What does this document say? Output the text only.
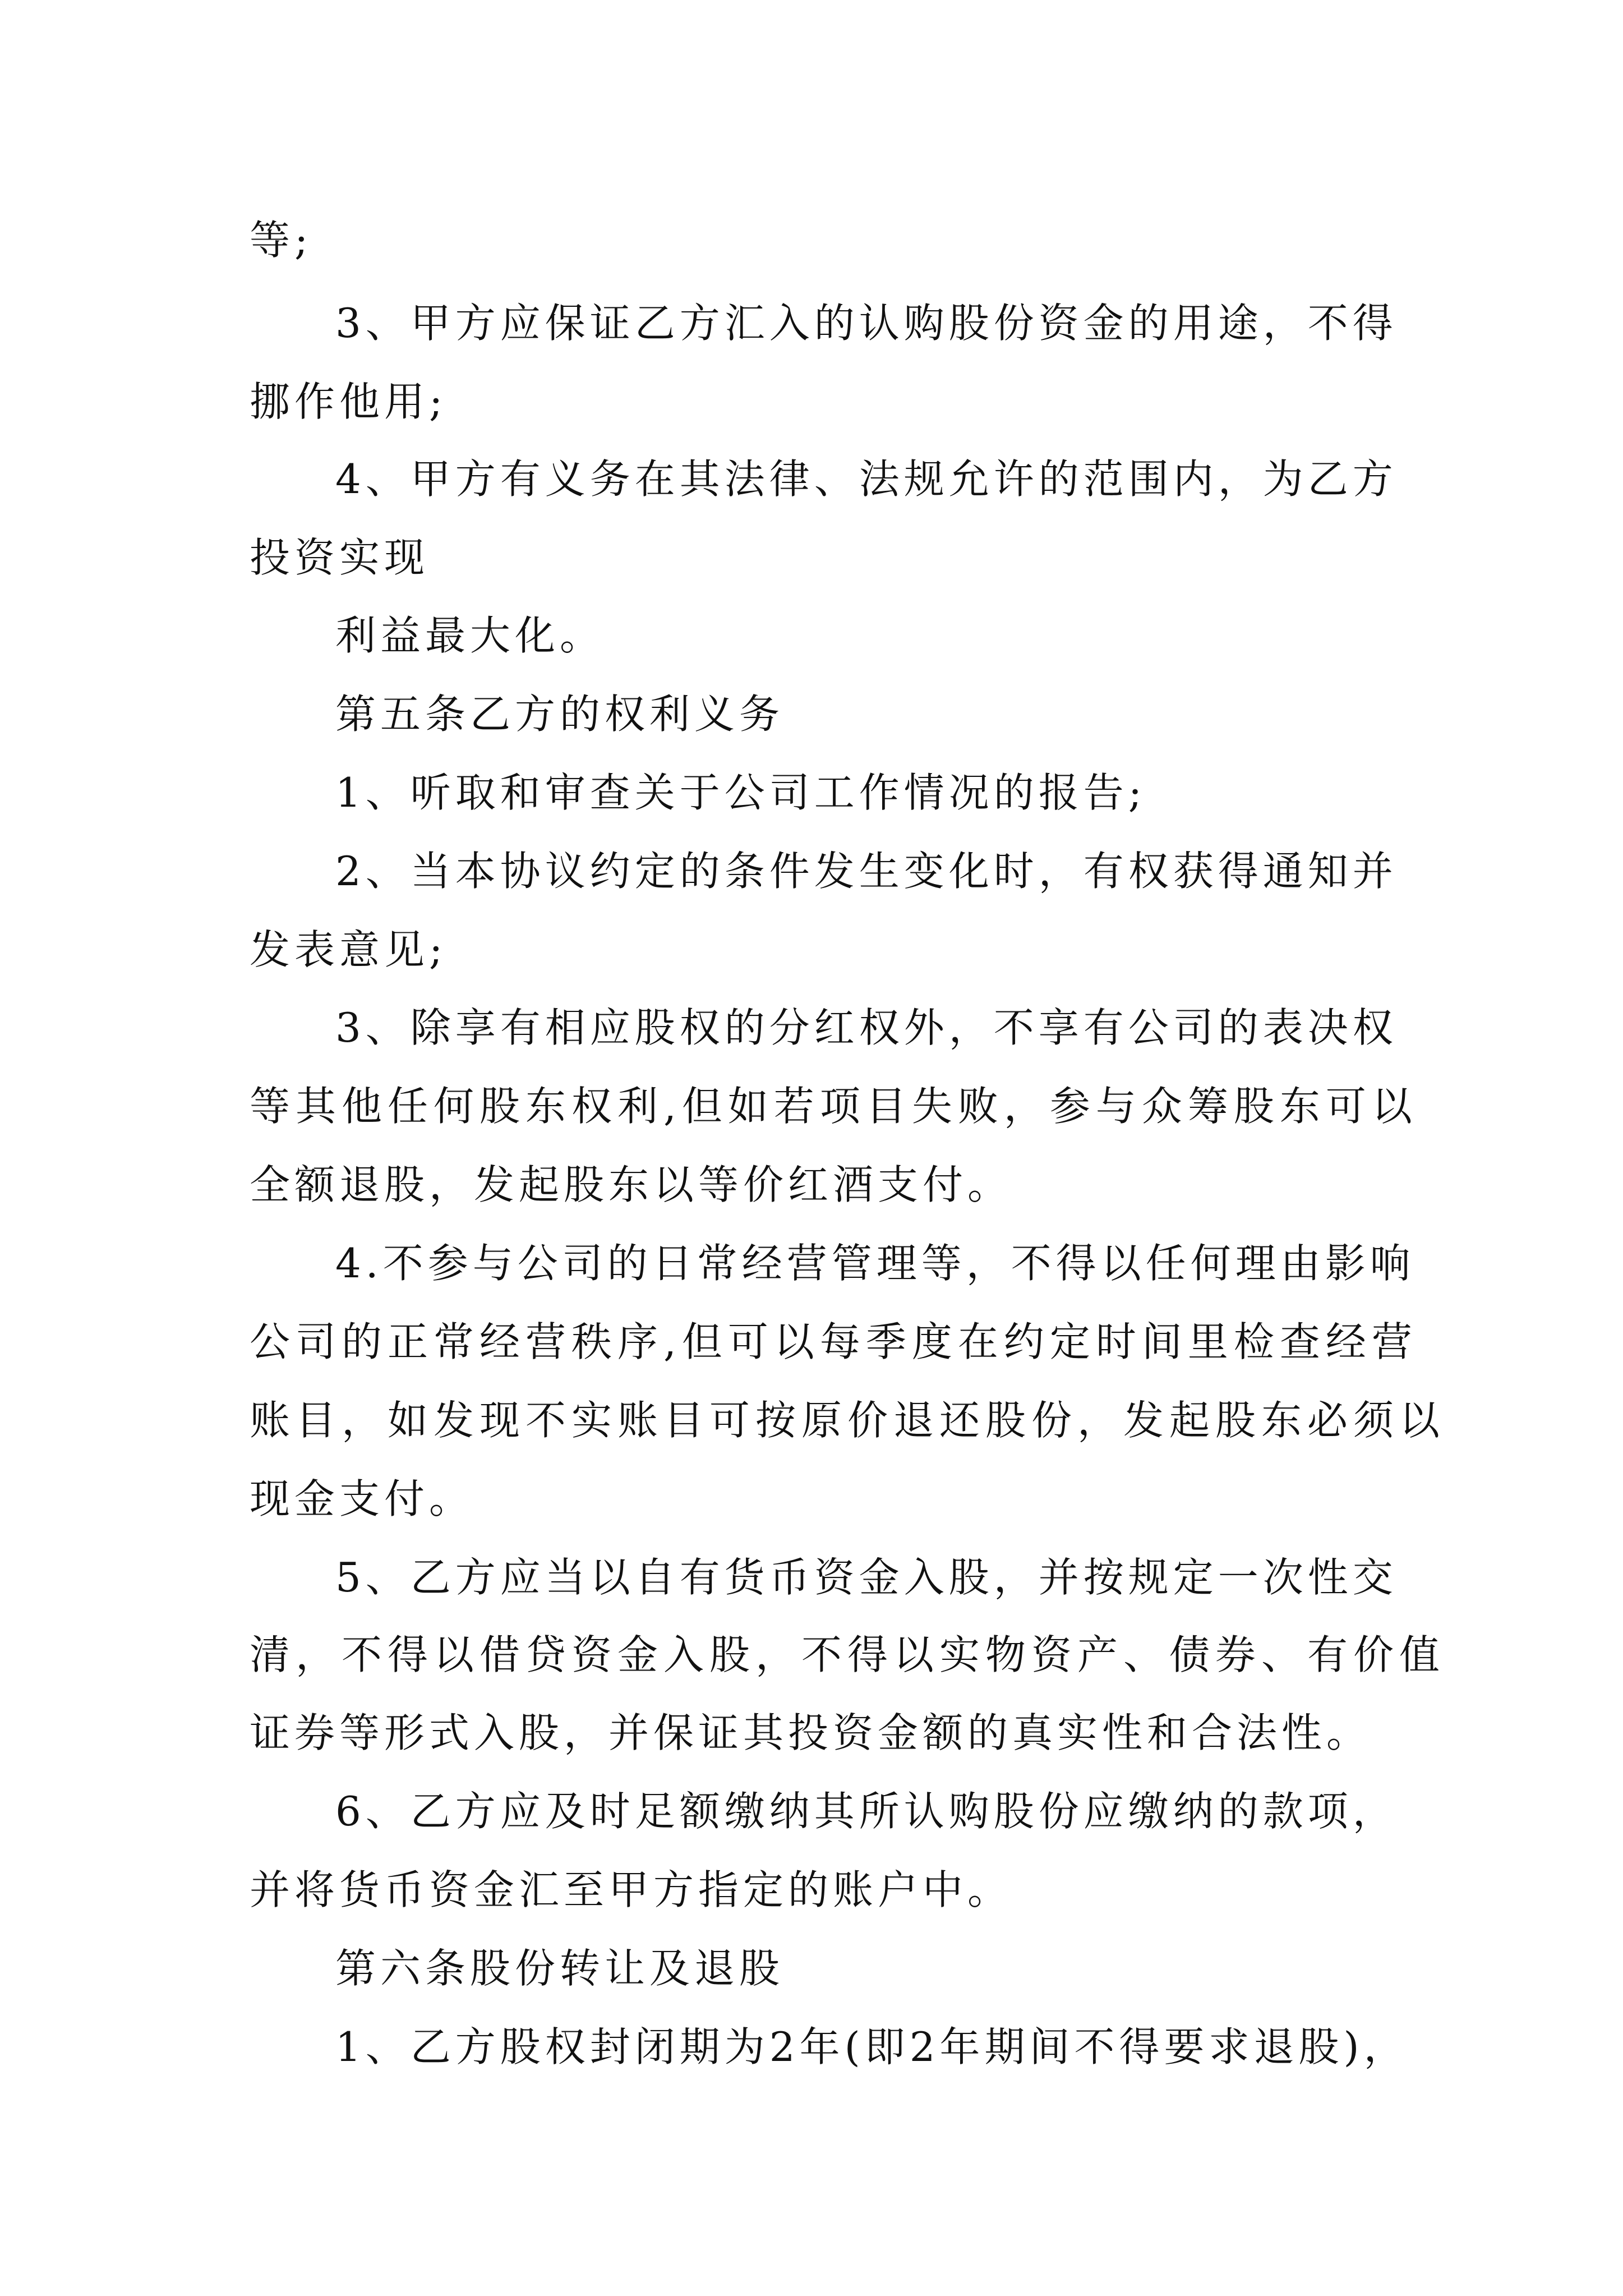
等;
3、甲方应保证乙方汇入的认购股份资金的用途，不得
挪作他用;
4、甲方有义务在其法律、法规允许的范围内，为乙方
投资实现
利益最大化。
第五条乙方的权利义务
1、听取和审查关于公司工作情况的报告;
2、当本协议约定的条件发生变化时，有权获得通知并
发表意见;
3、除享有相应股权的分红权外，不享有公司的表决权
等其他任何股东权利,但如若项目失败，参与众筹股东可以
全额退股，发起股东以等价红酒支付。
4.不参与公司的日常经营管理等，不得以任何理由影响
公司的正常经营秩序,但可以每季度在约定时间里检查经营
账目，如发现不实账目可按原价退还股份，发起股东必须以
现金支付。
5、乙方应当以自有货币资金入股，并按规定一次性交
清，不得以借贷资金入股，不得以实物资产、债券、有价值
证券等形式入股，并保证其投资金额的真实性和合法性。
6、乙方应及时足额缴纳其所认购股份应缴纳的款项，
并将货币资金汇至甲方指定的账户中。
第六条股份转让及退股
1、乙方股权封闭期为2年(即2年期间不得要求退股)，
